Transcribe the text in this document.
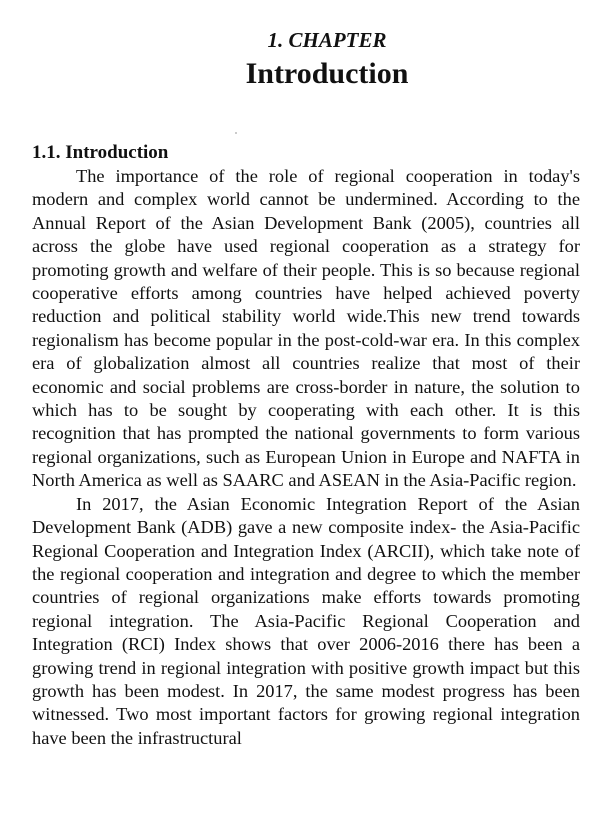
1. CHAPTER
Introduction
1.1. Introduction

The importance of the role of regional cooperation in today's modern and complex world cannot be undermined. According to the Annual Report of the Asian Development Bank (2005), countries all across the globe have used regional cooperation as a strategy for promoting growth and welfare of their people. This is so because regional cooperative efforts among countries have helped achieved poverty reduction and political stability world wide.This new trend towards regionalism has become popular in the post-cold-war era. In this complex era of globalization almost all countries realize that most of their economic and social problems are cross-border in nature, the solution to which has to be sought by cooperating with each other. It is this recognition that has prompted the national governments to form various regional organizations, such as European Union in Europe and NAFTA in North America as well as SAARC and ASEAN in the Asia-Pacific region.

In 2017, the Asian Economic Integration Report of the Asian Development Bank (ADB) gave a new composite index- the Asia-Pacific Regional Cooperation and Integration Index (ARCII), which take note of the regional cooperation and integration and degree to which the member countries of regional organizations make efforts towards promoting regional integration. The Asia-Pacific Regional Cooperation and Integration (RCI) Index shows that over 2006-2016 there has been a growing trend in regional integration with positive growth impact but this growth has been modest. In 2017, the same modest progress has been witnessed. Two most important factors for growing regional integration have been the infrastructural
